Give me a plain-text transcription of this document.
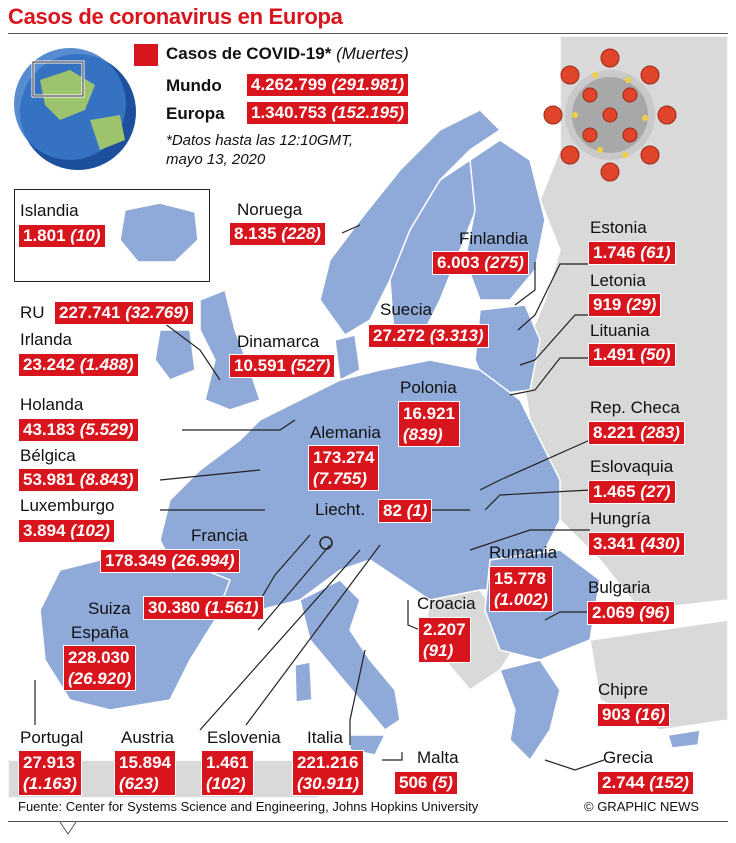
Casos de coronavirus en Europa
Casos de COVID-19* (Muertes)
Mundo 4.262.799 (291.981)
Europa 1.340.753 (152.195)
*Datos hasta las 12:10GMT,
mayo 13, 2020
Islandia
1.801 (10)
Noruega
8.135 (228)	Finlandia
6.003 (275)
Estonia
1.746 (61)
Letonia
919 (29)
Lituania
1.491 (50)
RU 227.741 (32.769)
Irlanda
23.242 (1.488)
Dinamarca
10.591 (527)
Suecia
27.272 (3.313)
Polonia
16.921
(839)
Holanda
43.183 (5.529)	Alemania
173.274
(7.755)
Rep. Checa
8.221 (283)
Bélgica
53.981 (8.843)
Eslovaquia
1.465 (27)
Luxemburgo
3.894 (102)
Liecht. 82 (1)	Hungría
3.341 (430)
Francia
178.349 (26.994)	Rumania
15.778
(1.002)
Suiza 30.380 (1.561)	Croacia
2.207
(91)
Bulgaria
2.069 (96)
España
228.030
(26.920)
Chipre
903 (16)
Portugal
27.913
(1.163)
Austria
15.894
(623)
Eslovenia
1.461
(102)
Italia
221.216
(30.911)
Malta
506 (5)
Grecia
2.744 (152)
Fuente: Center for Systems Science and Engineering, Johns Hopkins University	© GRAPHIC NEWS
